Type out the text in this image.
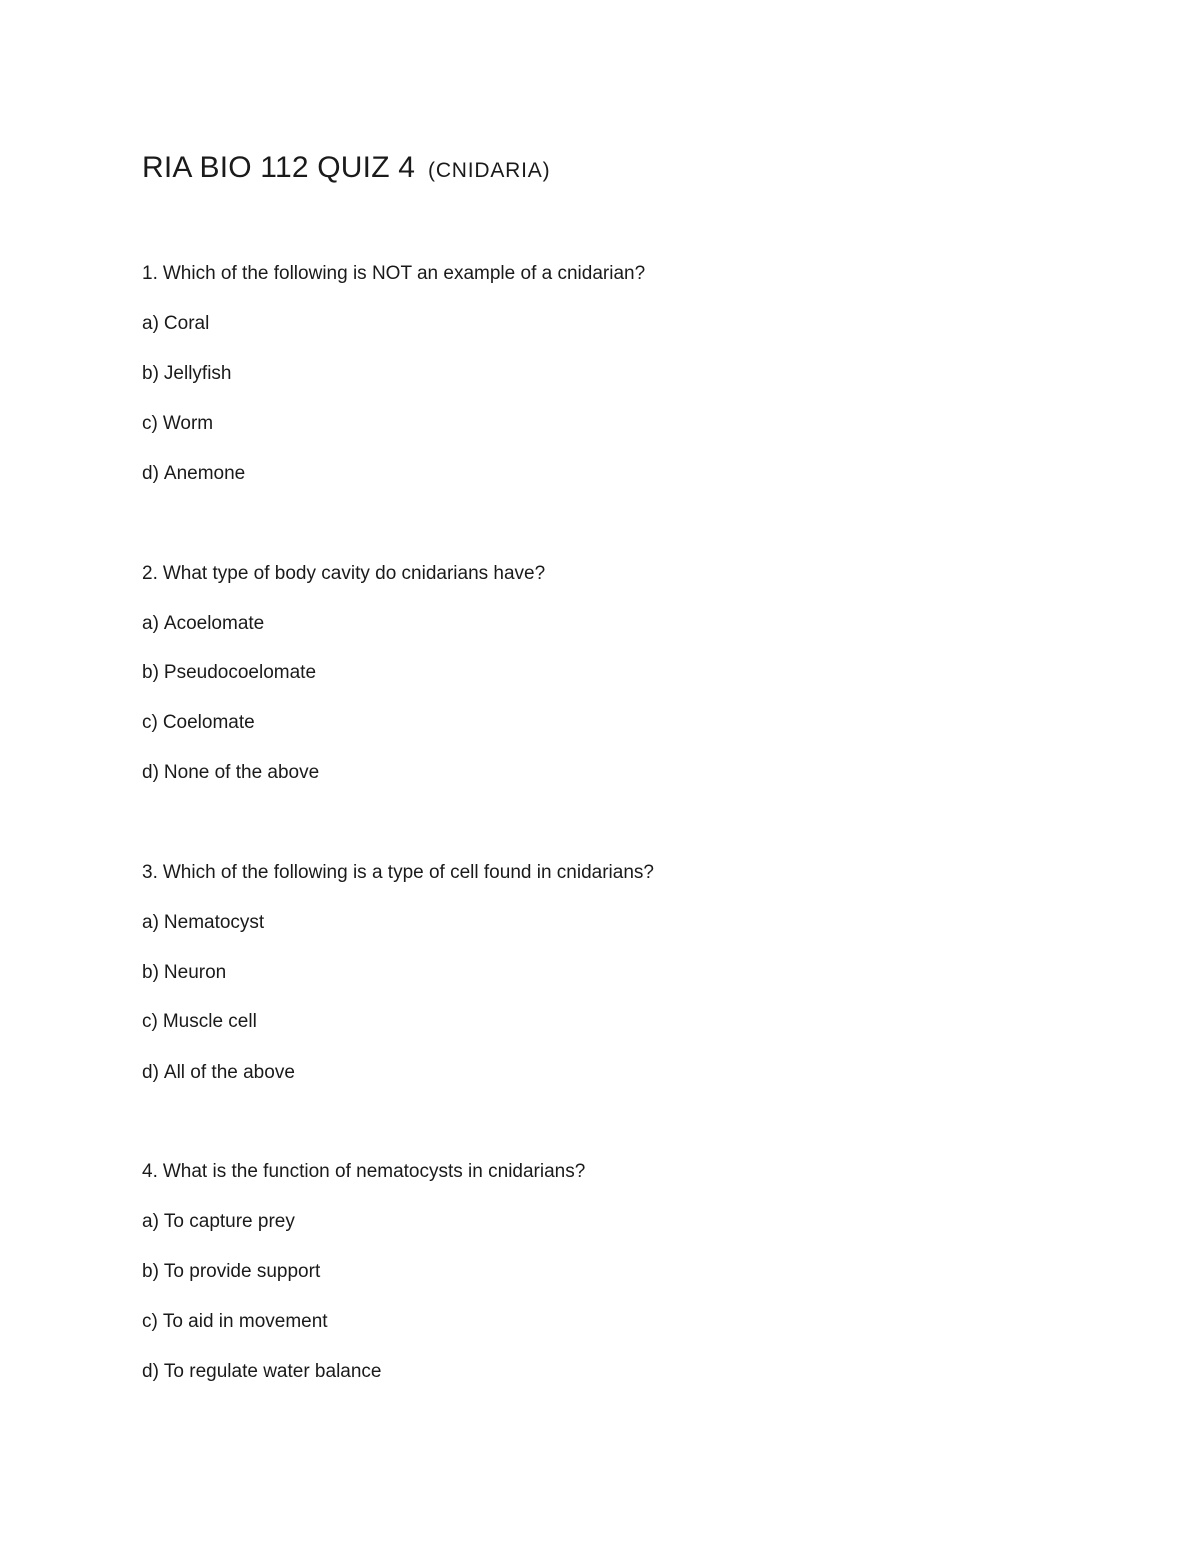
RIA BIO 112 QUIZ 4 (CNIDARIA)

1. Which of the following is NOT an example of a cnidarian?

a) Coral

b) Jellyfish

c) Worm

d) Anemone

2. What type of body cavity do cnidarians have?

a) Acoelomate

b) Pseudocoelomate

c) Coelomate

d) None of the above

3. Which of the following is a type of cell found in cnidarians?

a) Nematocyst

b) Neuron

c) Muscle cell

d) All of the above

4. What is the function of nematocysts in cnidarians?

a) To capture prey

b) To provide support

c) To aid in movement

d) To regulate water balance
